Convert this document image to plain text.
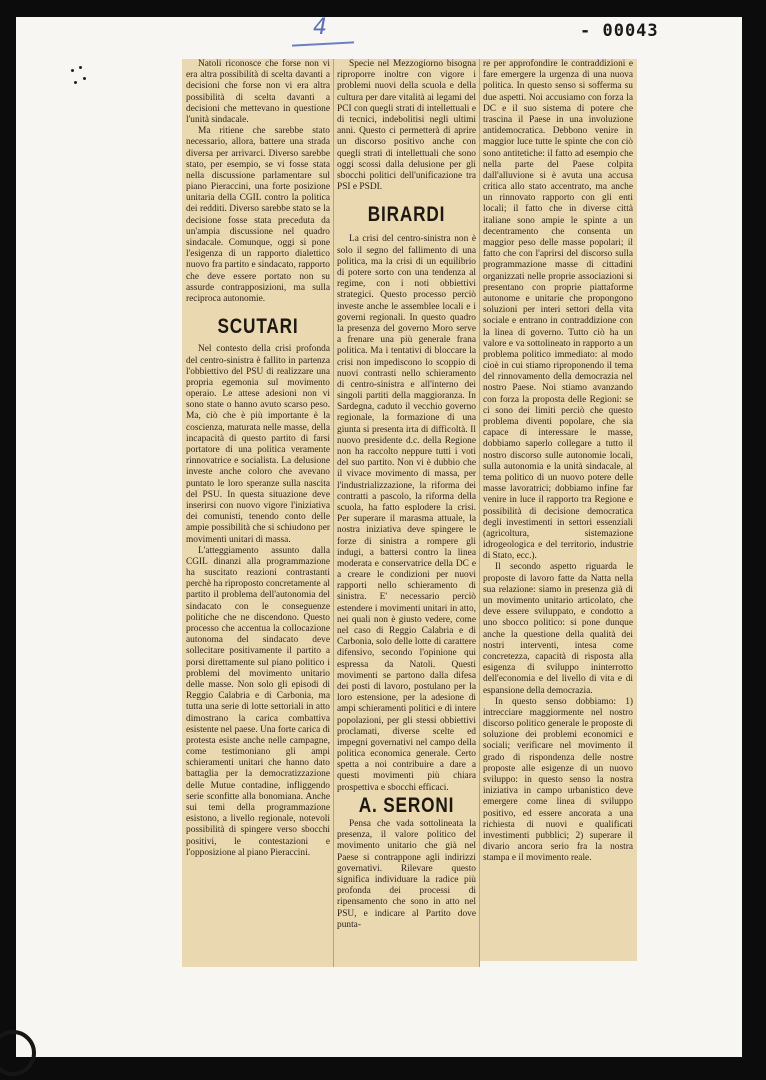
4	- 00043

Natoli riconosce che forse non vi era altra possibilità di scelta davanti a decisioni che forse non vi era altra possibilità di scelta davanti a decisioni che mettevano in questione l'unità sindacale.

Ma ritiene che sarebbe stato necessario, allora, battere una strada diversa per arrivarci. Diverso sarebbe stato, per esempio, se vi fosse stata nella discussione parlamentare sul piano Pieraccini, una forte posizione unitaria della CGIL contro la politica dei redditi. Diverso sarebbe stato se la decisione fosse stata preceduta da un'ampia discussione nel quadro sindacale. Comunque, oggi si pone l'esigenza di un rapporto dialettico nuovo fra partito e sindacato, rapporto che deve essere portato non su assurde contrapposizioni, ma sulla reciproca autonomie.

SCUTARI

Nel contesto della crisi profonda del centro-sinistra è fallito in partenza l'obbiettivo del PSU di realizzare una propria egemonia sul movimento operaio. Le attese adesioni non vi sono state o hanno avuto scarso peso. Ma, ciò che è più importante è la coscienza, maturata nelle masse, della incapacità di questo partito di farsi portatore di una politica veramente rinnovatrice e socialista. La delusione investe anche coloro che avevano puntato le loro speranze sulla nascita del PSU. In questa situazione deve inserirsi con nuovo vigore l'iniziativa dei comunisti, tenendo conto delle ampie possibilità che si schiudono per movimenti unitari di massa.

L'atteggiamento assunto dalla CGIL dinanzi alla programmazione ha suscitato reazioni contrastanti perchè ha riproposto concretamente al partito il problema dell'autonomia del sindacato con le conseguenze politiche che ne discendono. Questo processo che accentua la collocazione autonoma del sindacato deve sollecitare positivamente il partito a porsi direttamente sul piano politico i problemi del movimento unitario delle masse. Non solo gli episodi di Reggio Calabria e di Carbonia, ma tutta una serie di lotte settoriali in atto dimostrano la carica combattiva esistente nel paese. Una forte carica di protesta esiste anche nelle campagne, come testimoniano gli ampi schieramenti unitari che hanno dato battaglia per la democratizzazione delle Mutue contadine, infliggendo serie sconfitte alla bonomiana. Anche sui temi della programmazione esistono, a livello regionale, notevoli possibilità di spingere verso sbocchi positivi, le contestazioni e l'opposizione al piano Pieraccini.

Specie nel Mezzogiorno bisogna riproporre inoltre con vigore i problemi nuovi della scuola e della cultura per dare vitalità ai legami del PCI con quegli strati di intellettuali e di tecnici, indebolitisi negli ultimi anni. Questo ci permetterà di aprire un discorso positivo anche con quegli strati di intellettuali che sono oggi scossi dalla delusione per gli sbocchi politici dell'unificazione tra PSI e PSDI.

BIRARDI

La crisi del centro-sinistra non è solo il segno del fallimento di una politica, ma la crisi di un equilibrio di potere sorto con una tendenza al regime, con i noti obbiettivi strategici. Questo processo perciò investe anche le assemblee locali e i governi regionali. In questo quadro la presenza del governo Moro serve a frenare una più generale frana politica. Ma i tentativi di bloccare la crisi non impediscono lo scoppio di nuovi contrasti nello schieramento di centro-sinistra e all'interno dei singoli partiti della maggioranza. In Sardegna, caduto il vecchio governo regionale, la formazione di una giunta si presenta irta di difficoltà. Il nuovo presidente d.c. della Regione non ha raccolto neppure tutti i voti del suo partito. Non vi è dubbio che il vivace movimento di massa, per l'industrializzazione, la riforma dei contratti a pascolo, la riforma della scuola, ha fatto esplodere la crisi. Per superare il marasma attuale, la nostra iniziativa deve spingere le forze di sinistra a rompere gli indugi, a battersi contro la linea moderata e conservatrice della DC e a creare le condizioni per nuovi rapporti nello schieramento di sinistra. E' necessario perciò estendere i movimenti unitari in atto, nei quali non è giusto vedere, come nel caso di Reggio Calabria e di Carbonia, solo delle lotte di carattere difensivo, secondo l'opinione qui espressa da Natoli. Questi movimenti se partono dalla difesa dei posti di lavoro, postulano per la loro estensione, per la adesione di ampi schieramenti politici e di intere popolazioni, per gli stessi obbiettivi proclamati, diverse scelte ed impegni governativi nel campo della politica economica generale. Certo spetta a noi contribuire a dare a questi movimenti più chiara prospettiva e sbocchi efficaci.

A. SERONI

Pensa che vada sottolineata la presenza, il valore politico del movimento unitario che già nel Paese si contrappone agli indirizzi governativi. Rilevare questo significa individuare la radice più profonda dei processi di ripensamento che sono in atto nel PSU, e indicare al Partito dove punta-

re per approfondire le contraddizioni e fare emergere la urgenza di una nuova politica. In questo senso si sofferma su due aspetti. Noi accusiamo con forza la DC e il suo sistema di potere che trascina il Paese in una involuzione antidemocratica. Debbono venire in maggior luce tutte le spinte che con ciò sono antitetiche: il fatto ad esempio che nella parte del Paese colpita dall'alluvione si è avuta una accusa critica allo stato accentrato, ma anche un rinnovato rapporto con gli enti locali; il fatto che in diverse città italiane sono ampie le spinte a un decentramento che consenta un maggior peso delle masse popolari; il fatto che con l'aprirsi del discorso sulla programmazione masse di cittadini organizzati nelle proprie associazioni si presentano con proprie piattaforme autonome e unitarie che propongono soluzioni per interi settori della vita sociale e entrano in contraddizione con la linea di governo. Tutto ciò ha un valore e va sottolineato in rapporto a un problema politico immediato: al modo cioè in cui stiamo riproponendo il tema del rinnovamento della democrazia nel nostro Paese. Noi stiamo avanzando con forza la proposta delle Regioni: se ci sono dei limiti perciò che questo problema diventi popolare, che sia capace di interessare le masse, dobbiamo saperlo collegare a tutto il nostro discorso sulle autonomie locali, sulla autonomia e la unità sindacale, al tema politico di un nuovo potere delle masse lavoratrici; dobbiamo infine far venire in luce il rapporto tra Regione e possibilità di decisione democratica degli investimenti in settori essenziali (agricoltura, sistemazione idrogeologica e del territorio, industrie di Stato, ecc.).

Il secondo aspetto riguarda le proposte di lavoro fatte da Natta nella sua relazione: siamo in presenza già di un movimento unitario articolato, che deve essere sviluppato, e condotto a uno sbocco politico: si pone dunque anche la questione della qualità dei nostri interventi, intesa come concretezza, capacità di risposta alla esigenza di sviluppo ininterrotto dell'economia e del livello di vita e di espansione della democrazia.

In questo senso dobbiamo: 1) intrecciare maggiormente nel nostro discorso politico generale le proposte di soluzione dei problemi economici e sociali; verificare nel movimento il grado di rispondenza delle nostre proposte alle esigenze di un nuovo sviluppo: in questo senso la nostra iniziativa in campo urbanistico deve emergere come linea di sviluppo positivo, ed essere ancorata a una richiesta di nuovi e qualificati investimenti pubblici; 2) superare il divario ancora serio fra la nostra stampa e il movimento reale.
